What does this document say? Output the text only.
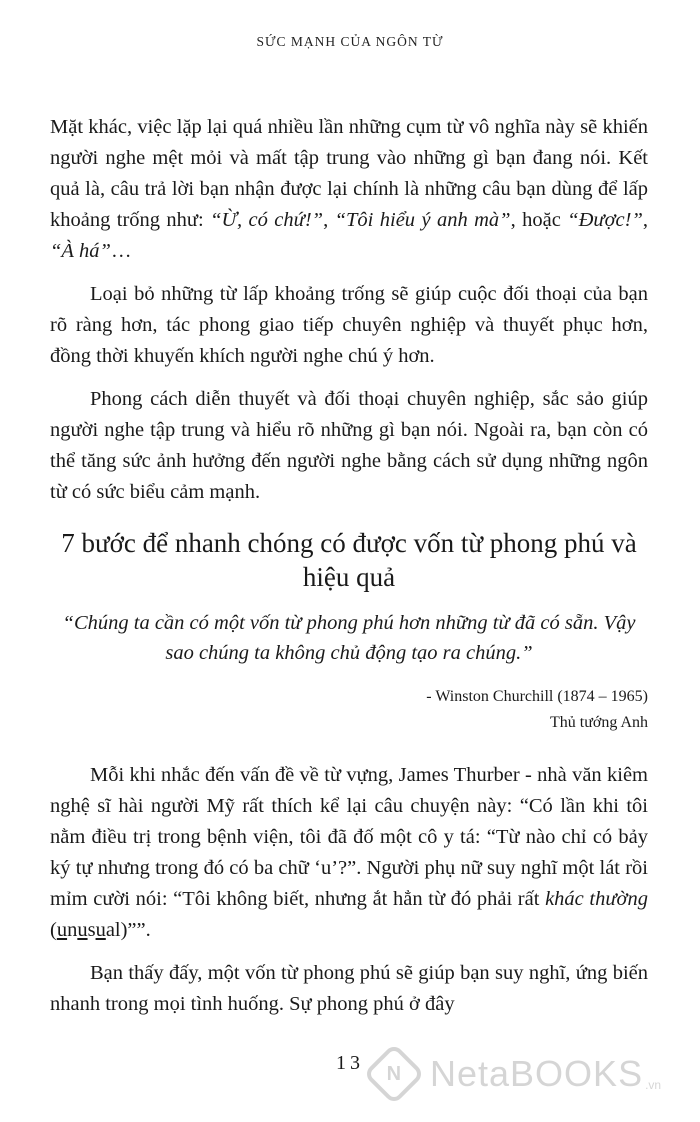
SỨC MẠNH CỦA NGÔN TỪ

Mặt khác, việc lặp lại quá nhiều lần những cụm từ vô nghĩa này sẽ khiến người nghe mệt mỏi và mất tập trung vào những gì bạn đang nói. Kết quả là, câu trả lời bạn nhận được lại chính là những câu bạn dùng để lấp khoảng trống như: “Ừ, có chứ!”, “Tôi hiểu ý anh mà”, hoặc “Được!”, “À há”…

Loại bỏ những từ lấp khoảng trống sẽ giúp cuộc đối thoại của bạn rõ ràng hơn, tác phong giao tiếp chuyên nghiệp và thuyết phục hơn, đồng thời khuyến khích người nghe chú ý hơn.

Phong cách diễn thuyết và đối thoại chuyên nghiệp, sắc sảo giúp người nghe tập trung và hiểu rõ những gì bạn nói. Ngoài ra, bạn còn có thể tăng sức ảnh hưởng đến người nghe bằng cách sử dụng những ngôn từ có sức biểu cảm mạnh.

7 bước để nhanh chóng có được vốn từ phong phú và hiệu quả

“Chúng ta cần có một vốn từ phong phú hơn những từ đã có sẵn. Vậy sao chúng ta không chủ động tạo ra chúng.”

- Winston Churchill (1874 – 1965)

Thủ tướng Anh

Mỗi khi nhắc đến vấn đề về từ vựng, James Thurber - nhà văn kiêm nghệ sĩ hài người Mỹ rất thích kể lại câu chuyện này: “Có lần khi tôi nằm điều trị trong bệnh viện, tôi đã đố một cô y tá: “Từ nào chỉ có bảy ký tự nhưng trong đó có ba chữ ‘u’?”. Người phụ nữ suy nghĩ một lát rồi mỉm cười nói: “Tôi không biết, nhưng ắt hẳn từ đó phải rất khác thường (unusual)””.

Bạn thấy đấy, một vốn từ phong phú sẽ giúp bạn suy nghĩ, ứng biến nhanh trong mọi tình huống. Sự phong phú ở đây

13	N NetaBOOKS .vn
